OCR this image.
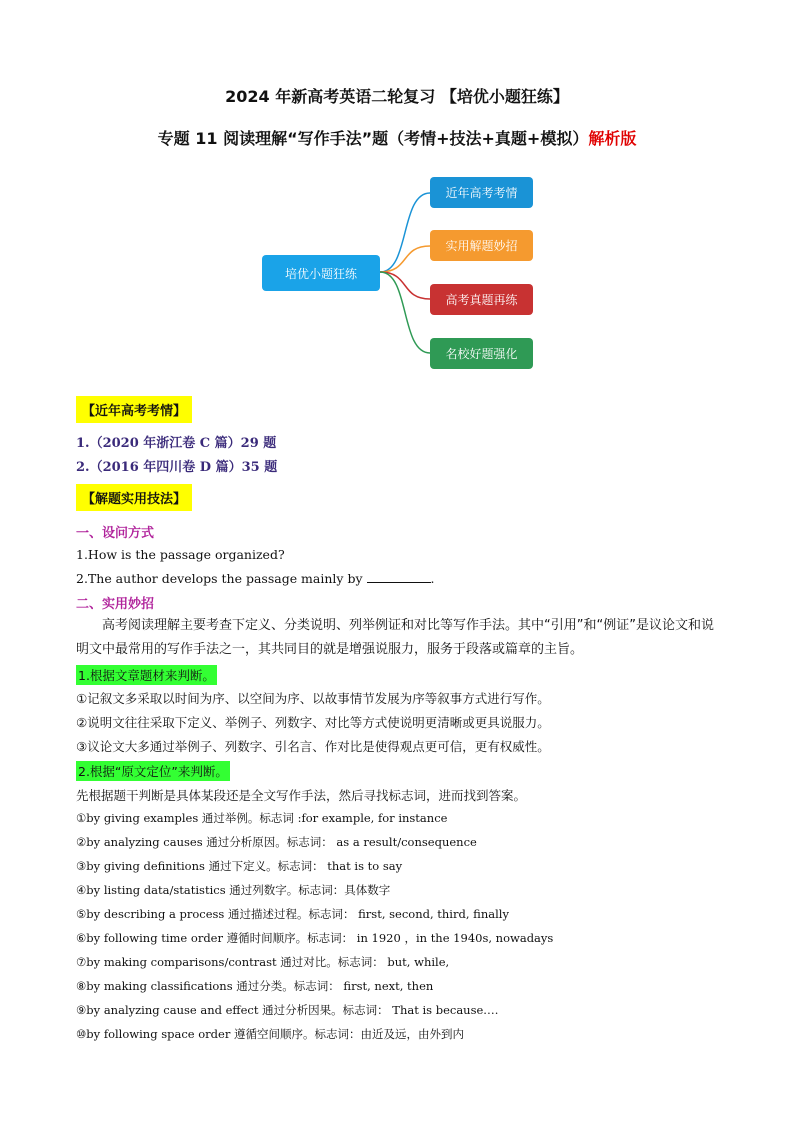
2024 年新高考英语二轮复习 【培优小题狂练】
专题 11 阅读理解“写作手法”题（考情+技法+真题+模拟）解析版
培优小题狂练
近年高考考情
实用解题妙招
高考真题再练
名校好题强化
【近年高考考情】
1.（2020 年浙江卷 C 篇）29 题
2.（2016 年四川卷 D 篇）35 题
【解题实用技法】
一、设问方式
1.How is the passage organized?
2.The author develops the passage mainly by	.
二、实用妙招
高考阅读理解主要考查下定义、分类说明、列举例证和对比等写作手法。其中“引用”和“例证”是议论文和说明文中最常用的写作手法之一，其共同目的就是增强说服力，服务于段落或篇章的主旨。
1.根据文章题材来判断。
①记叙文多采取以时间为序、以空间为序、以故事情节发展为序等叙事方式进行写作。
②说明文往往采取下定义、举例子、列数字、对比等方式使说明更清晰或更具说服力。
③议论文大多通过举例子、列数字、引名言、作对比是使得观点更可信，更有权威性。
2.根据“原文定位”来判断。
先根据题干判断是具体某段还是全文写作手法，然后寻找标志词，进而找到答案。
①by giving examples 通过举例。标志词 :for example, for instance
②by analyzing causes 通过分析原因。标志词： as a result/consequence
③by giving definitions 通过下定义。标志词： that is to say
④by listing data/statistics 通过列数字。标志词：具体数字
⑤by describing a process 通过描述过程。标志词： first, second, third, finally
⑥by following time order 遵循时间顺序。标志词： in 1920 ，in the 1940s, nowadays
⑦by making comparisons/contrast 通过对比。标志词： but, while,
⑧by making classifications 通过分类。标志词： first, next, then
⑨by analyzing cause and effect 通过分析因果。标志词： That is because.…
⑩by following space order 遵循空间顺序。标志词：由近及远，由外到内
